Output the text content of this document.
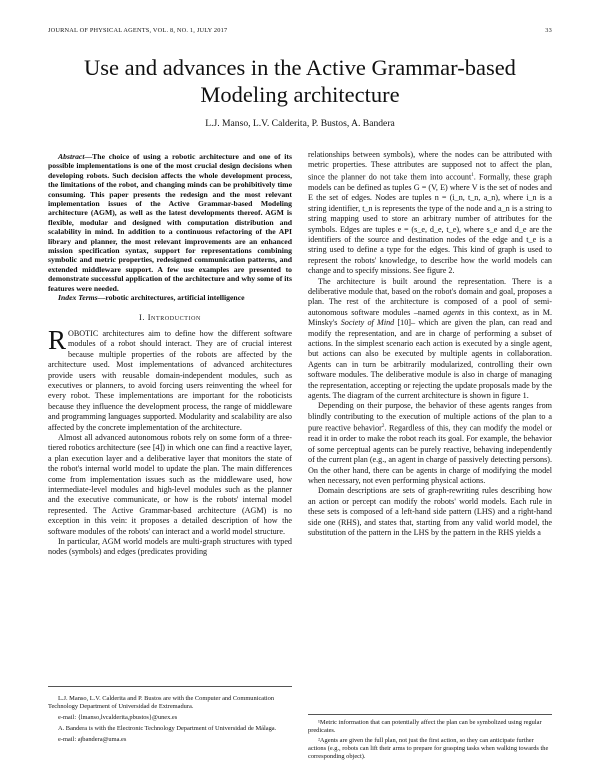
JOURNAL OF PHYSICAL AGENTS, VOL. 8, NO. 1, JULY 2017	33
Use and advances in the Active Grammar-based Modeling architecture
L.J. Manso, L.V. Calderita, P. Bustos, A. Bandera

Abstract—The choice of using a robotic architecture and one of its possible implementations is one of the most crucial design decisions when developing robots. Such decision affects the whole development process, the limitations of the robot, and changing minds can be prohibitively time consuming. This paper presents the redesign and the most relevant implementation issues of the Active Grammar-based Modeling architecture (AGM), as well as the latest developments thereof. AGM is flexible, modular and designed with computation distribution and scalability in mind. In addition to a continuous refactoring of the API library and planner, the most relevant improvements are an enhanced mission specification syntax, support for representations combining symbolic and metric properties, redesigned communication patterns, and extended middleware support. A few use examples are presented to demonstrate successful application of the architecture and why some of its features were needed.

Index Terms—robotic architectures, artificial intelligence

I. Introduction

ROBOTIC architectures aim to define how the different software modules of a robot should interact. They are of crucial interest because multiple properties of the robots are affected by the architecture used. Most implementations of advanced architectures provide users with reusable domain-independent modules, such as executives or planners, to avoid forcing users reinventing the wheel for every robot. These implementations are important for the roboticists because they influence the development process, the range of middleware and programming languages supported. Modularity and scalability are also affected by the concrete implementation of the architecture.

Almost all advanced autonomous robots rely on some form of a three-tiered robotics architecture (see [4]) in which one can find a reactive layer, a plan execution layer and a deliberative layer that monitors the state of the robot's internal world model to update the plan. The main differences come from implementation issues such as the middleware used, how intermediate-level modules and high-level modules such as the planner and the executive communicate, or how is the robots' internal model represented. The Active Grammar-based architecture (AGM) is no exception in this vein: it proposes a detailed description of how the software modules of the robots' can interact and a world model structure.

In particular, AGM world models are multi-graph structures with typed nodes (symbols) and edges (predicates providing

L.J. Manso, L.V. Calderita and P. Bustos are with the Computer and Communication Technology Department of Universidad de Extremadura.

e-mail: {lmanso,lvcalderita,pbustos}@unex.es

A. Bandera is with the Electronic Technology Department of Universidad de Málaga.

e-mail: ajbandera@uma.es

relationships between symbols), where the nodes can be attributed with metric properties. These attributes are supposed not to affect the plan, since the planner do not take them into account$^1$. Formally, these graph models can be defined as tuples G = (V, E) where V is the set of nodes and E the set of edges. Nodes are tuples n = (i_n, t_n, a_n), where i_n is a string identifier, t_n is represents the type of the node and a_n is a string to string mapping used to store an arbitrary number of attributes for the symbols. Edges are tuples e = (s_e, d_e, t_e), where s_e and d_e are the identifiers of the source and destination nodes of the edge and t_e is a string used to define a type for the edges. This kind of graph is used to represent the robots' knowledge, to describe how the world models can change and to specify missions. See figure 2.

The architecture is built around the representation. There is a deliberative module that, based on the robot's domain and goal, proposes a plan. The rest of the architecture is composed of a pool of semi-autonomous software modules –named agents in this context, as in M. Minsky's Society of Mind [10]– which are given the plan, can read and modify the representation, and are in charge of performing a subset of actions. In the simplest scenario each action is executed by a single agent, but actions can also be executed by multiple agents in collaboration. Agents can in turn be arbitrarily modularized, controlling their own software modules. The deliberative module is also in charge of managing the representation, accepting or rejecting the update proposals made by the agents. The diagram of the current architecture is shown in figure 1.

Depending on their purpose, the behavior of these agents ranges from blindly contributing to the execution of multiple actions of the plan to a pure reactive behavior$^2$. Regardless of this, they can modify the model or read it in order to make the robot reach its goal. For example, the behavior of some perceptual agents can be purely reactive, behaving independently of the current plan (e.g., an agent in charge of passively detecting persons). On the other hand, there can be agents in charge of modifying the model when necessary, not even performing physical actions.

Domain descriptions are sets of graph-rewriting rules describing how an action or percept can modify the robots' world models. Each rule in these sets is composed of a left-hand side pattern (LHS) and a right-hand side one (RHS), and states that, starting from any valid world model, the substitution of the pattern in the LHS by the pattern in the RHS yields a

¹Metric information that can potentially affect the plan can be symbolized using regular predicates.

²Agents are given the full plan, not just the first action, so they can anticipate further actions (e.g., robots can lift their arms to prepare for grasping tasks when walking towards the corresponding object).
